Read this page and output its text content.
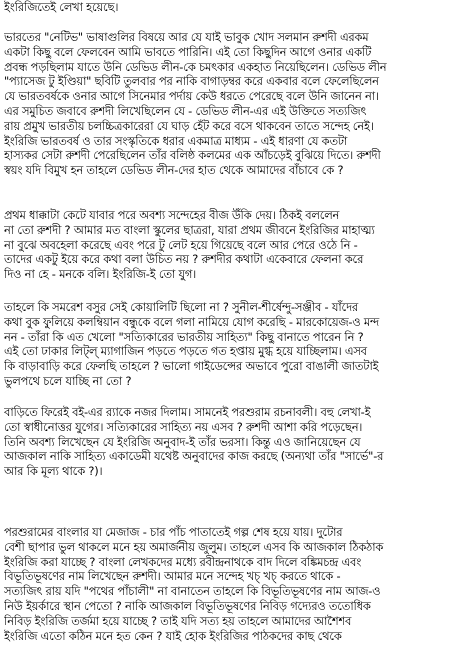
ইংরিজিতেই লেখা হয়েছে।
ভারতের "নেটিভ" ভাষাগুলির বিষয়ে আর যে যাই ভাবুক খোদ সলমান রুশদী এরকম
একটা কিছু বলে ফেলবেন আমি ভাবতে পারিনি। এই তো কিছুদিন আগে ওনার একটি
প্রবন্ধ পড়ছিলাম যাতে উনি ডেভিড লীন-কে চমৎকার একহাত নিয়েছিলেন। ডেভিড লীন
"প্যাসেজ টু ইণ্ডিয়া" ছবিটি তুলবার পর নাকি বাগাড়ম্বর করে একবার বলে ফেলেছিলেন
যে ভারতবর্ষকে ওনার আগে সিনেমার পর্দায় কেউ ধরতে পেরেছে বলে উনি জানেন না।
এর সমুচিত জবাবে রুশদী লিখেছিলেন যে - ডেভিড লীন-এর এই উক্তিতে সত্যজিৎ
রায় প্রমুখ ভারতীয় চলচ্চিত্রকারেরা যে ঘাড় হেঁট করে বসে থাকবেন তাতে সন্দেহ নেই।
ইংরিজি ভারতবর্ষ ও তার সংস্কৃতিকে ধরার একমাত্র মাধ্যম - এই ধারণা যে কতটা
হাস্যকর সেটা রুশদী পেরেছিলেন তাঁর বলিষ্ঠ কলমের এক আঁচড়েই বুঝিয়ে দিতে। রুশদী
স্বয়ং যদি বিমুখ হন তাহলে ডেভিড লীন-দের হাত থেকে আমাদের বাঁচাবে কে ?
প্রথম ধাক্কাটা কেটে যাবার পরে অবশ্য সন্দেহের বীজ উঁকি দেয়। ঠিকই বললেন
না তো রুশদী ? আমার মত বাংলা স্কুলের ছাত্ররা, যারা প্রথম জীবনে ইংরিজির মাহাত্ম্য
না বুঝে অবহেলা করেছে এবং পরে টু লেট হয়ে গিয়েছে বলে আর পেরে ওঠে নি -
তাদের একটু ইয়ে করে কথা বলা উচিত নয় ? রুশদীর কথাটা একেবারে ফেলনা করে
দিও না হে - মনকে বলি। ইংরিজি-ই তো যুগ।
তাহলে কি সমরেশ বসুর সেই কোয়ালিটি ছিলো না ? সুনীল-শীর্ষেন্দু-সঞ্জীব - যাঁদের
কথা বুক ফুলিয়ে কলম্বিয়ান বন্ধুকে বলে গলা নামিয়ে যোগ করেছি - মারকোয়েজ-ও মন্দ
নন - তাঁরা কি এত খেলো "সত্যিকারের ভারতীয় সাহিত্য" কিছু বানাতে পারেন নি ?
এই তো ঢাকার লিট্‌ল্‌ ম্যাগাজিন পড়তে পড়তে গত হপ্তায় মুগ্ধ হয়ে যাচ্ছিলাম। এসব
কি বাড়াবাড়ি করে ফেলছি তাহলে ? ভালো গাইডেন্সের অভাবে পুরো বাঙালী জাতটাই
ভুলপথে চলে যাচ্ছি না তো ?
বাড়িতে ফিরেই বই-এর র‍্যাকে নজর দিলাম। সামনেই পরশুরাম রচনাবলী। বহু লেখা-ই
তো স্বাধীনোত্তর যুগের। সত্যিকারের সাহিত্য নয় এসব ? রুশদী আশা করি পড়েছেন।
তিনি অবশ্য লিখেছেন যে ইংরিজি অনুবাদ-ই তাঁর ভরসা। কিন্তু এও জানিয়েছেন যে
আজকাল নাকি সাহিত্য একাডেমী যথেষ্ট অনুবাদের কাজ করছে (অন্যথা তাঁর "সার্ভে"-র
আর কি মূল্য থাকে ?)।
পরশুরামের বাংলার যা মেজাজ - চার পাঁচ পাতাতেই গল্প শেষ হয়ে যায়। দুটোর
বেশী ছাপার ভুল থাকলে মনে হয় অমার্জনীয় জুলুম। তাহলে এসব কি আজকাল ঠিকঠাক
ইংরিজি করা যাচ্ছে ? বাংলা লেখকদের মধ্যে রবীন্দ্রনাথকে বাদ দিলে বঙ্কিমচন্দ্র এবং
বিভূতিভূষণের নাম লিখেছেন রুশদী। আমার মনে সন্দেহ খচ্‌ খচ্‌ করতে থাকে -
সত্যজিৎ রায় যদি "পথের পাঁচালী" না বানাতেন তাহলে কি বিভূতিভূষণের নাম আজ-ও
নিউ ইয়র্কারে স্থান পেতো ? নাকি আজকাল বিভূতিভূষণের নিবিড় গদ্যেরও ততোধিক
নিবিড় ইংরিজি তর্জমা হয়ে যাচ্ছে ? তাই যদি সত্য হয় তাহলে আমাদের আশৈশব
ইংরিজি এতো কঠিন মনে হত কেন ? যাই হোক ইংরিজির পাঠকদের কাছ থেকে
